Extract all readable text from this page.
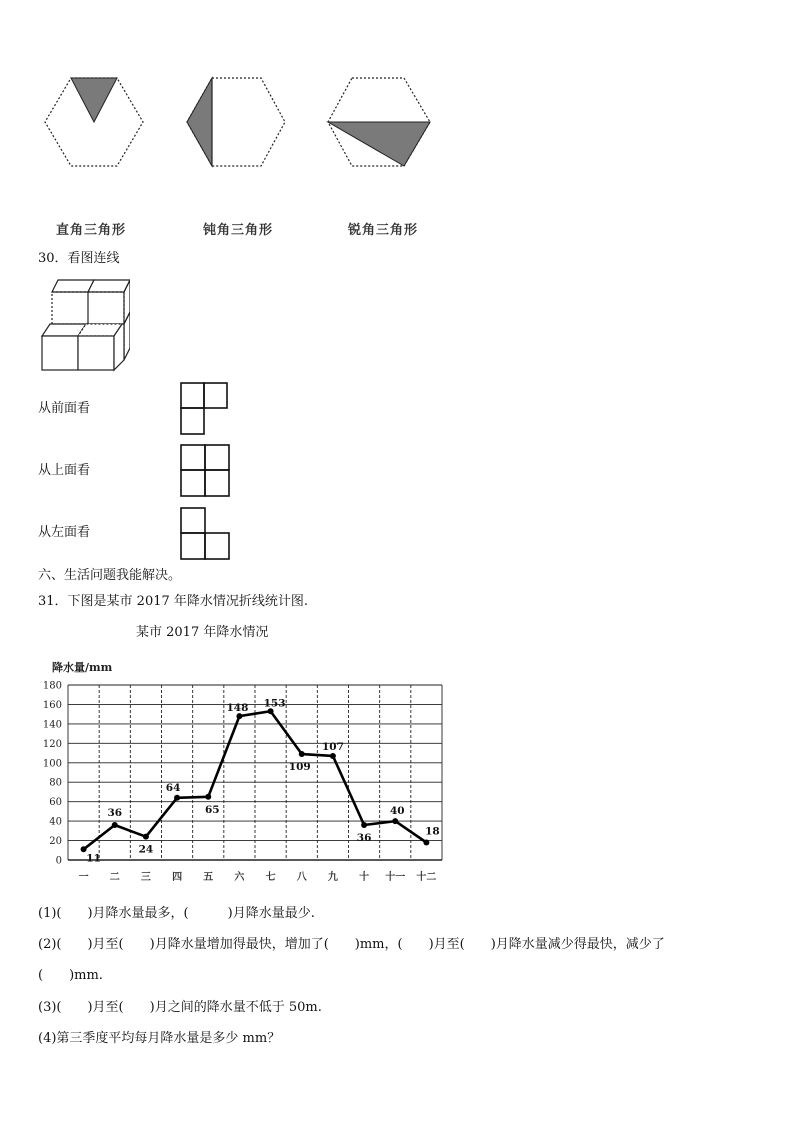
直角三角形	钝角三角形	锐角三角形
30．看图连线
从前面看
从上面看
从左面看
六、生活问题我能解决。
31．下图是某市 2017 年降水情况折线统计图.
某市 2017 年降水情况
降水量/mm
0
20
40
60
80
100
120
140
160
180
一 二 三 四 五 六 七 八 九 十 十一 十二
11
36
24
64
65
148 153
109
107
36
40
18
(1)(　　)月降水量最多，(　　　)月降水量最少.
(2)(　　)月至(　　)月降水量增加得最快，增加了(　　)mm，(　　)月至(　　)月降水量减少得最快，减少了
(　　)mm.
(3)(　　)月至(　　)月之间的降水量不低于 50m.
(4)第三季度平均每月降水量是多少 mm？
